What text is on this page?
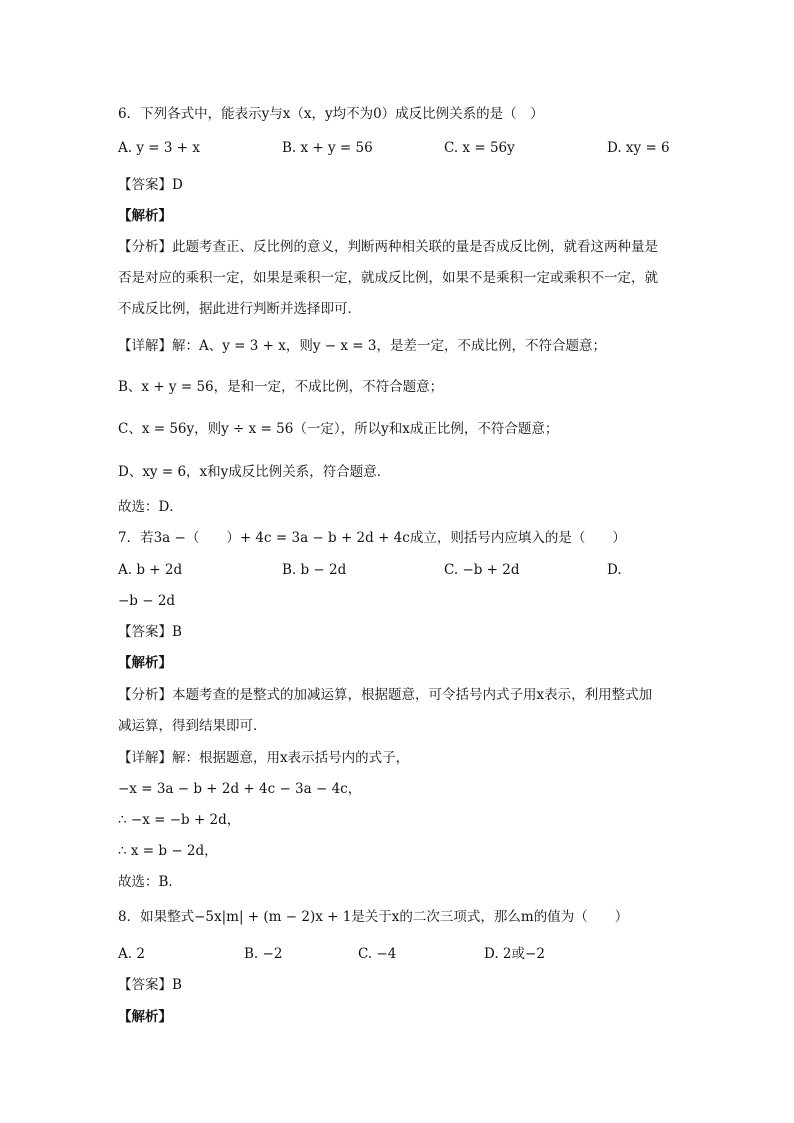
6．下列各式中，能表示y与x（x，y均不为0）成反比例关系的是（　）
A. y = 3 + x	B. x + y = 56	C. x = 56y	D. xy = 6
【答案】D
【解析】
【分析】此题考查正、反比例的意义，判断两种相关联的量是否成反比例，就看这两种量是
否是对应的乘积一定，如果是乘积一定，就成反比例，如果不是乘积一定或乘积不一定，就
不成反比例，据此进行判断并选择即可．
【详解】解：A、y = 3 + x，则y − x = 3，是差一定，不成比例，不符合题意；
B、x + y = 56，是和一定，不成比例，不符合题意；
C、x = 56y，则y ÷ x = 56（一定），所以y和x成正比例，不符合题意；
D、xy = 6，x和y成反比例关系，符合题意．
故选：D．
7．若3a −（　　）+ 4c = 3a − b + 2d + 4c成立，则括号内应填入的是（　　）
A. b + 2d	B. b − 2d	C. −b + 2d	D.
−b − 2d
【答案】B
【解析】
【分析】本题考查的是整式的加减运算，根据题意，可令括号内式子用x表示，利用整式加
减运算，得到结果即可．
【详解】解：根据题意，用x表示括号内的式子，
−x = 3a − b + 2d + 4c − 3a − 4c，
∴ −x = −b + 2d，
∴ x = b − 2d，
故选：B．
8．如果整式−5x|m| + (m − 2)x + 1是关于x的二次三项式，那么m的值为（　　）
A. 2	B. −2	C. −4	D. 2或−2
【答案】B
【解析】
